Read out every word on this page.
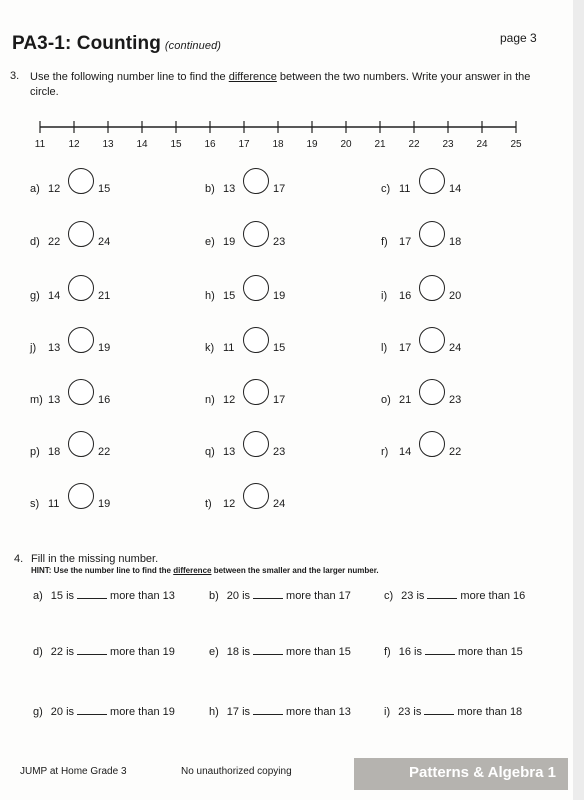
PA3-1: Counting (continued)
page 3
3. Use the following number line to find the difference between the two numbers. Write your answer in the circle.
11 12 13 14 15 16 17 18 19 20 21 22 23 24 25
a) 12	15	b) 13	17	c) 11	14
d) 22	24	e) 19	23	f) 17	18
g) 14	21	h) 15	19	i) 16	20
j) 13	19	k) 11	15	l) 17	24
m) 13	16	n) 12	17	o) 21	23
p) 18	22	q) 13	23	r) 14	22
s) 11	19	t) 12	24
4. Fill in the missing number.
HINT: Use the number line to find the difference between the smaller and the larger number.
a) 15 is	more than 13	b) 20 is	more than 17	c) 23 is	more than 16
d) 22 is	more than 19	e) 18 is	more than 15	f) 16 is	more than 15
g) 20 is	more than 19	h) 17 is	more than 13	i) 23 is	more than 18
JUMP at Home Grade 3	No unauthorized copying	Patterns & Algebra 1
